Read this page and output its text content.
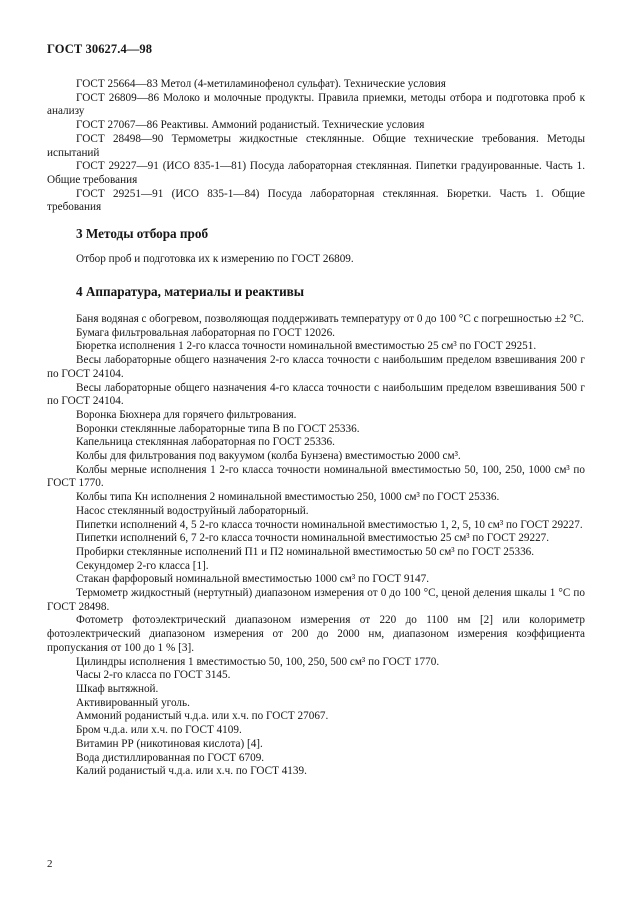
ГОСТ 30627.4—98

ГОСТ 25664—83 Метол (4-метиламинофенол сульфат). Технические условия

ГОСТ 26809—86 Молоко и молочные продукты. Правила приемки, методы отбора и подготовка проб к анализу

ГОСТ 27067—86 Реактивы. Аммоний роданистый. Технические условия

ГОСТ 28498—90 Термометры жидкостные стеклянные. Общие технические требования. Методы испытаний

ГОСТ 29227—91 (ИСО 835-1—81) Посуда лабораторная стеклянная. Пипетки градуированные. Часть 1. Общие требования

ГОСТ 29251—91 (ИСО 835-1—84) Посуда лабораторная стеклянная. Бюретки. Часть 1. Общие требования

3 Методы отбора проб

Отбор проб и подготовка их к измерению по ГОСТ 26809.

4 Аппаратура, материалы и реактивы

Баня водяная с обогревом, позволяющая поддерживать температуру от 0 до 100 °С с погрешностью ±2 °С.

Бумага фильтровальная лабораторная по ГОСТ 12026.

Бюретка исполнения 1 2-го класса точности номинальной вместимостью 25 см³ по ГОСТ 29251.

Весы лабораторные общего назначения 2-го класса точности с наибольшим пределом взвешивания 200 г по ГОСТ 24104.

Весы лабораторные общего назначения 4-го класса точности с наибольшим пределом взвешивания 500 г по ГОСТ 24104.

Воронка Бюхнера для горячего фильтрования.

Воронки стеклянные лабораторные типа В по ГОСТ 25336.

Капельница стеклянная лабораторная по ГОСТ 25336.

Колбы для фильтрования под вакуумом (колба Бунзена) вместимостью 2000 см³.

Колбы мерные исполнения 1 2-го класса точности номинальной вместимостью 50, 100, 250, 1000 см³ по ГОСТ 1770.

Колбы типа Кн исполнения 2 номинальной вместимостью 250, 1000 см³ по ГОСТ 25336.

Насос стеклянный водоструйный лабораторный.

Пипетки исполнений 4, 5 2-го класса точности номинальной вместимостью 1, 2, 5, 10 см³ по ГОСТ 29227.

Пипетки исполнений 6, 7 2-го класса точности номинальной вместимостью 25 см³ по ГОСТ 29227.

Пробирки стеклянные исполнений П1 и П2 номинальной вместимостью 50 см³ по ГОСТ 25336.

Секундомер 2-го класса [1].

Стакан фарфоровый номинальной вместимостью 1000 см³ по ГОСТ 9147.

Термометр жидкостный (нертутный) диапазоном измерения от 0 до 100 °С, ценой деления шкалы 1 °С по ГОСТ 28498.

Фотометр фотоэлектрический диапазоном измерения от 220 до 1100 нм [2] или колориметр фотоэлектрический диапазоном измерения от 200 до 2000 нм, диапазоном измерения коэффициента пропускания от 100 до 1 % [3].

Цилиндры исполнения 1 вместимостью 50, 100, 250, 500 см³ по ГОСТ 1770.

Часы 2-го класса по ГОСТ 3145.

Шкаф вытяжной.

Активированный уголь.

Аммоний роданистый ч.д.а. или х.ч. по ГОСТ 27067.

Бром ч.д.а. или х.ч. по ГОСТ 4109.

Витамин РР (никотиновая кислота) [4].

Вода дистиллированная по ГОСТ 6709.

Калий роданистый ч.д.а. или х.ч. по ГОСТ 4139.

2
